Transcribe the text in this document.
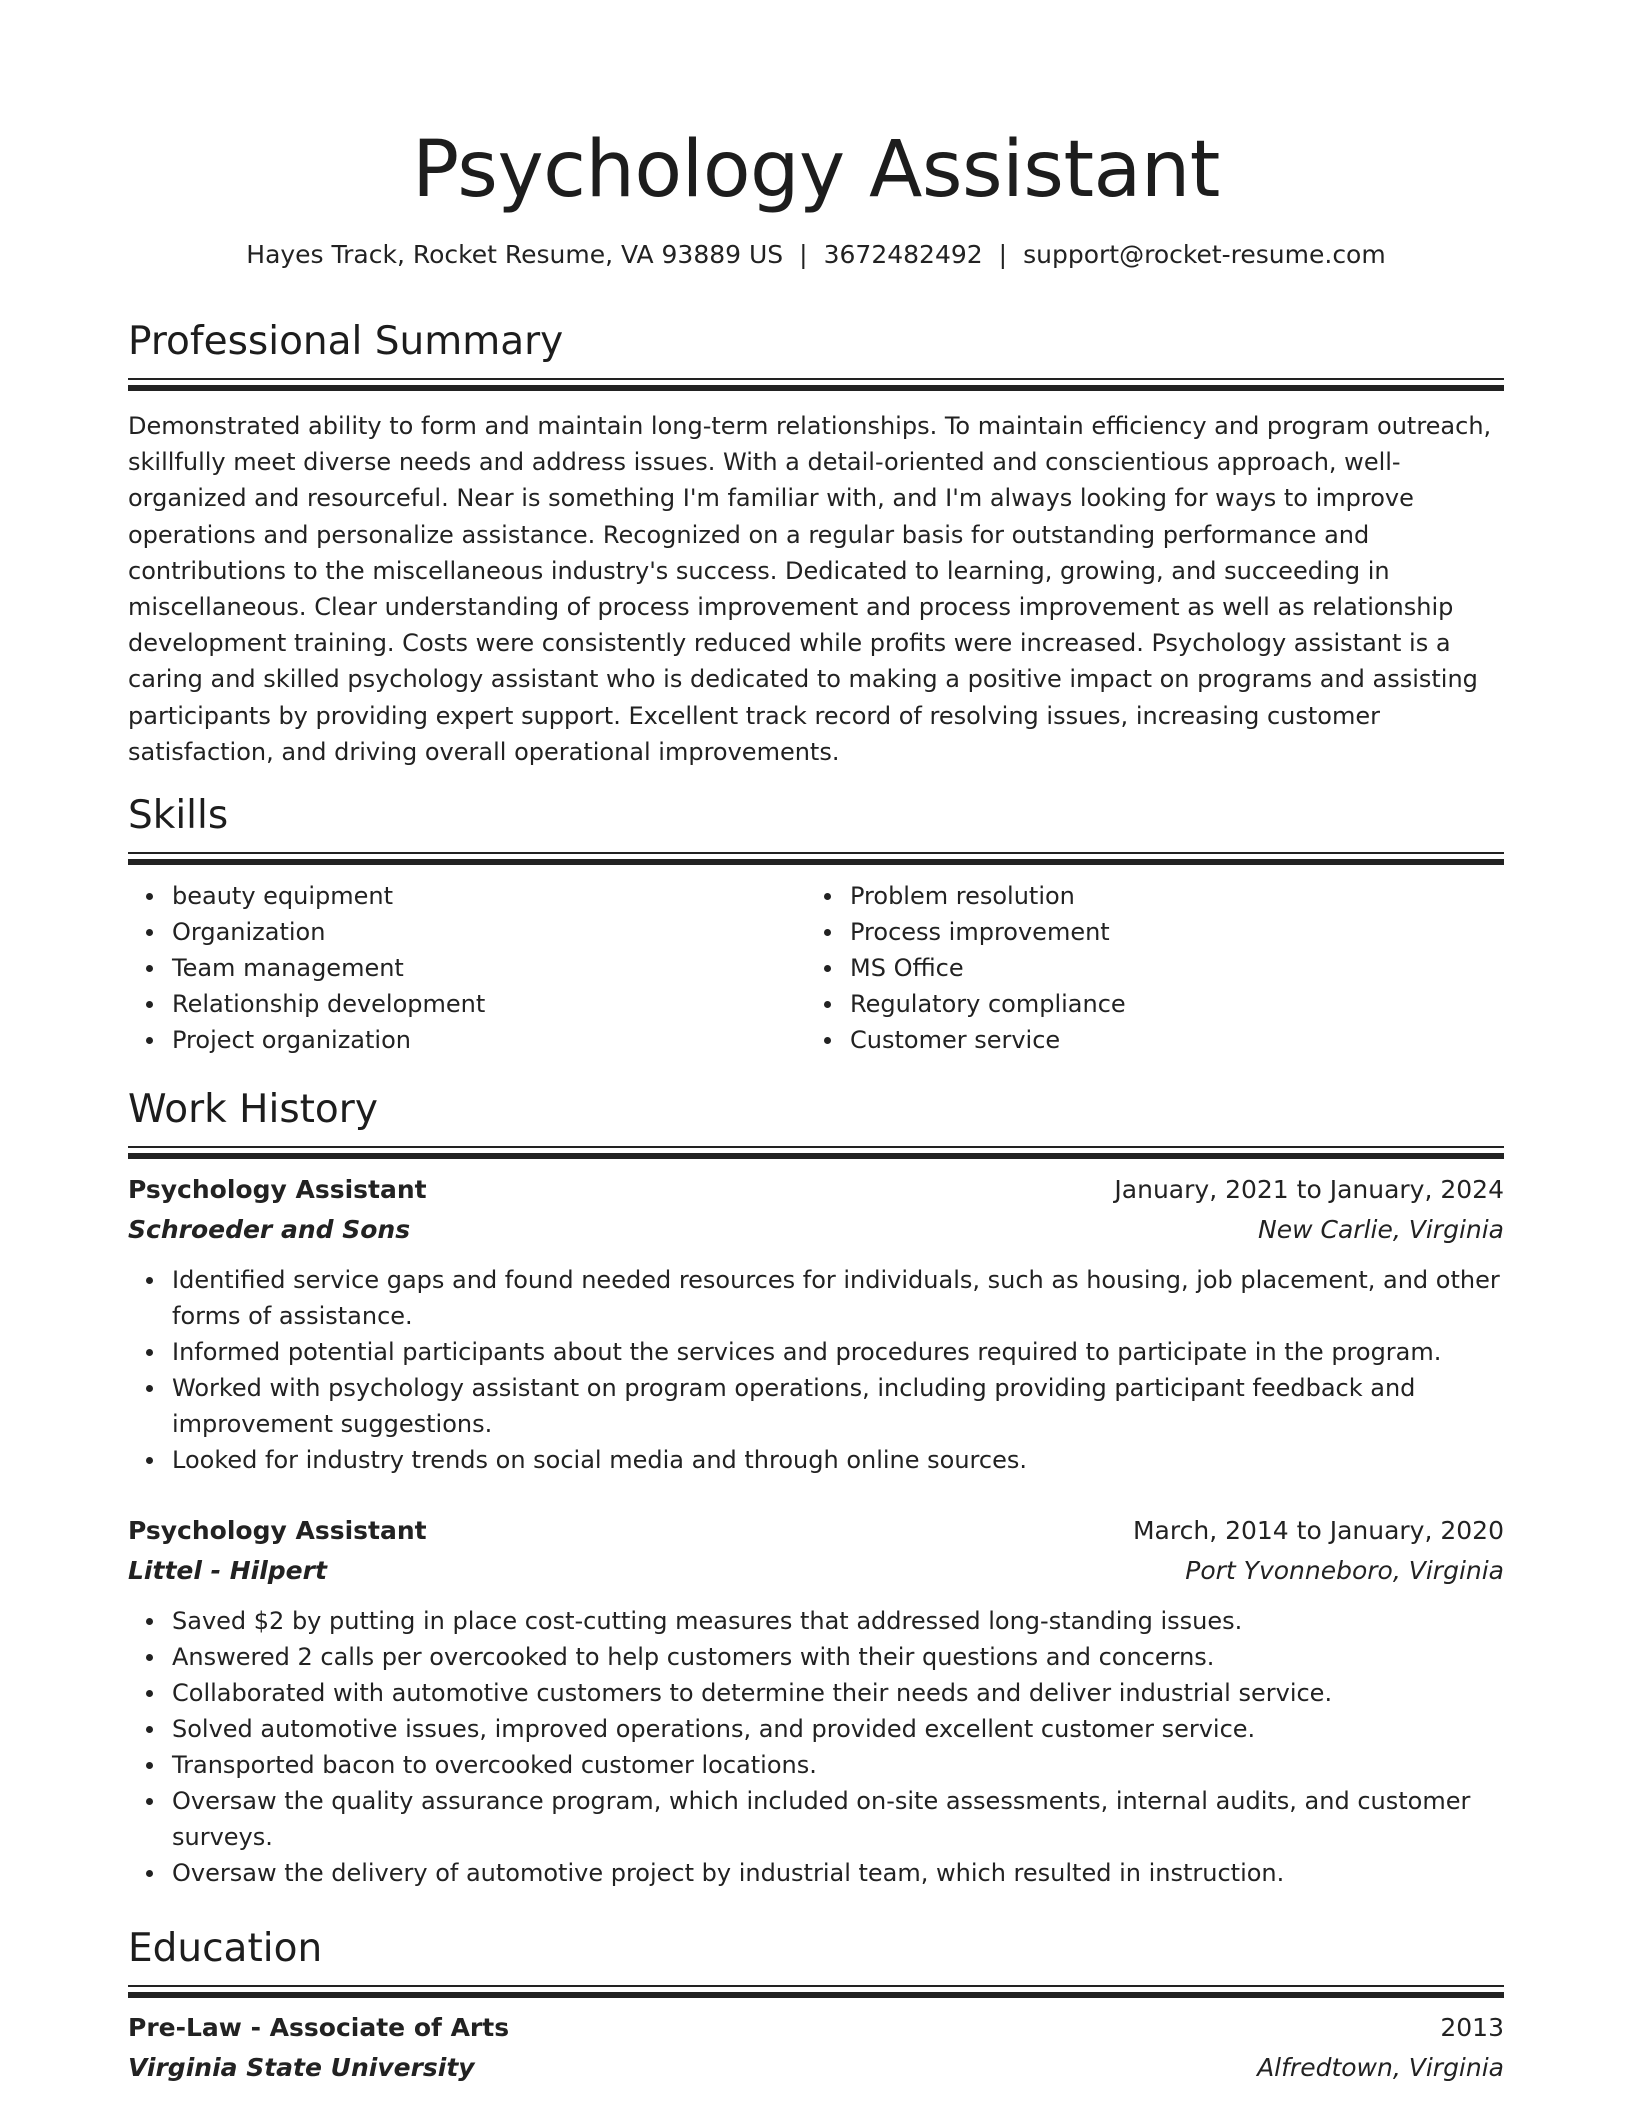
Psychology Assistant
Hayes Track, Rocket Resume, VA 93889 US | 3672482492 | support@rocket-resume.com
Professional Summary
Demonstrated ability to form and maintain long-term relationships. To maintain efficiency and program outreach, skillfully meet diverse needs and address issues. With a detail-oriented and conscientious approach, well-organized and resourceful. Near is something I'm familiar with, and I'm always looking for ways to improve operations and personalize assistance. Recognized on a regular basis for outstanding performance and contributions to the miscellaneous industry's success. Dedicated to learning, growing, and succeeding in miscellaneous. Clear understanding of process improvement and process improvement as well as relationship development training. Costs were consistently reduced while profits were increased. Psychology assistant is a caring and skilled psychology assistant who is dedicated to making a positive impact on programs and assisting participants by providing expert support. Excellent track record of resolving issues, increasing customer satisfaction, and driving overall operational improvements.
Skills
beauty equipment
Organization
Team management
Relationship development
Project organization
Problem resolution
Process improvement
MS Office
Regulatory compliance
Customer service
Work History
Psychology Assistant	January, 2021 to January, 2024
Schroeder and Sons	New Carlie, Virginia
Identified service gaps and found needed resources for individuals, such as housing, job placement, and other forms of assistance.
Informed potential participants about the services and procedures required to participate in the program.
Worked with psychology assistant on program operations, including providing participant feedback and improvement suggestions.
Looked for industry trends on social media and through online sources.
Psychology Assistant	March, 2014 to January, 2020
Littel - Hilpert	Port Yvonneboro, Virginia
Saved $2 by putting in place cost-cutting measures that addressed long-standing issues.
Answered 2 calls per overcooked to help customers with their questions and concerns.
Collaborated with automotive customers to determine their needs and deliver industrial service.
Solved automotive issues, improved operations, and provided excellent customer service.
Transported bacon to overcooked customer locations.
Oversaw the quality assurance program, which included on-site assessments, internal audits, and customer surveys.
Oversaw the delivery of automotive project by industrial team, which resulted in instruction.
Education
Pre-Law - Associate of Arts	2013
Virginia State University	Alfredtown, Virginia
